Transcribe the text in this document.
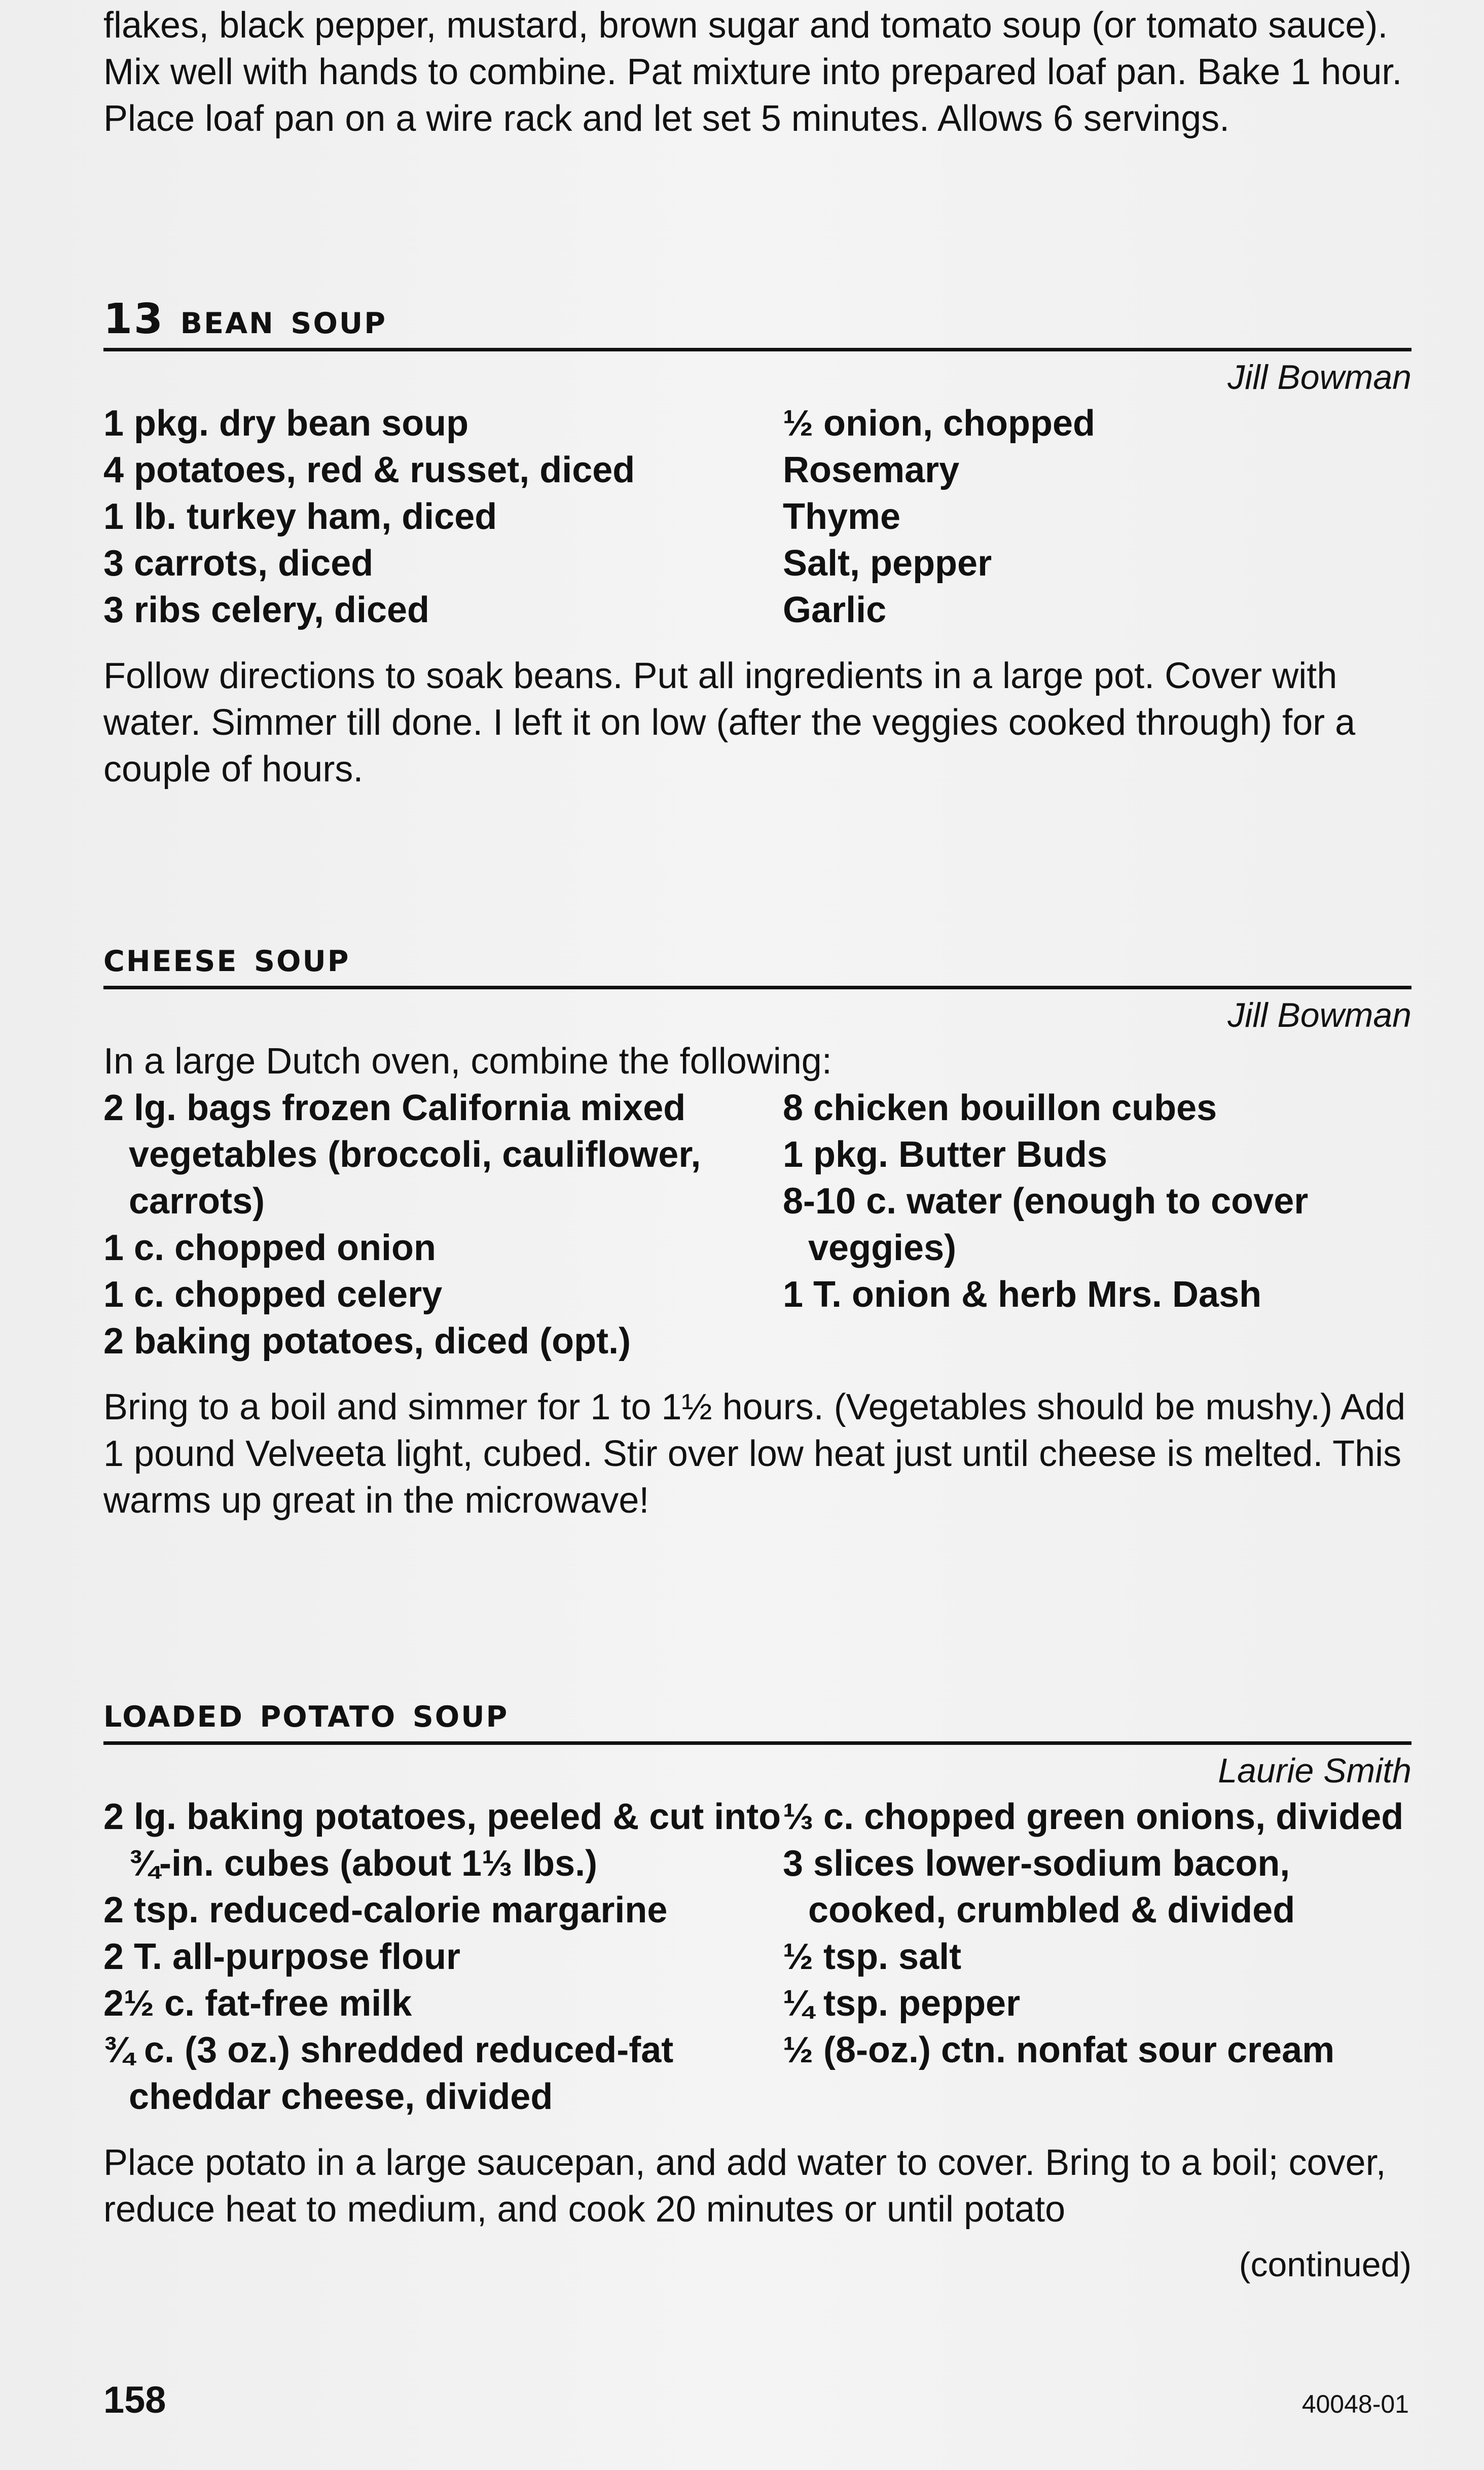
flakes, black pepper, mustard, brown sugar and tomato soup (or tomato sauce). Mix well with hands to combine. Pat mixture into prepared loaf pan. Bake 1 hour. Place loaf pan on a wire rack and let set 5 minutes. Allows 6 servings.

13 bean soup

Jill Bowman

1 pkg. dry bean soup
4 potatoes, red & russet, diced
1 lb. turkey ham, diced
3 carrots, diced
3 ribs celery, diced
½ onion, chopped
Rosemary
Thyme
Salt, pepper
Garlic

Follow directions to soak beans. Put all ingredients in a large pot. Cover with water. Simmer till done. I left it on low (after the veggies cooked through) for a couple of hours.

cheese soup

Jill Bowman

In a large Dutch oven, combine the following:

2 lg. bags frozen California mixed vegetables (broccoli, cauliflower, carrots)
1 c. chopped onion
1 c. chopped celery
2 baking potatoes, diced (opt.)
8 chicken bouillon cubes
1 pkg. Butter Buds
8-10 c. water (enough to cover veggies)
1 T. onion & herb Mrs. Dash

Bring to a boil and simmer for 1 to 1½ hours. (Vegetables should be mushy.) Add 1 pound Velveeta light, cubed. Stir over low heat just until cheese is melted. This warms up great in the microwave!

loaded potato soup

Laurie Smith

2 lg. baking potatoes, peeled & cut into ¾-in. cubes (about 1⅓ lbs.)
2 tsp. reduced-calorie margarine
2 T. all-purpose flour
2½ c. fat-free milk
¾ c. (3 oz.) shredded reduced-fat cheddar cheese, divided
⅓ c. chopped green onions, divided
3 slices lower-sodium bacon, cooked, crumbled & divided
½ tsp. salt
¼ tsp. pepper
½ (8-oz.) ctn. nonfat sour cream

Place potato in a large saucepan, and add water to cover. Bring to a boil; cover, reduce heat to medium, and cook 20 minutes or until potato

(continued)
158	40048-01
